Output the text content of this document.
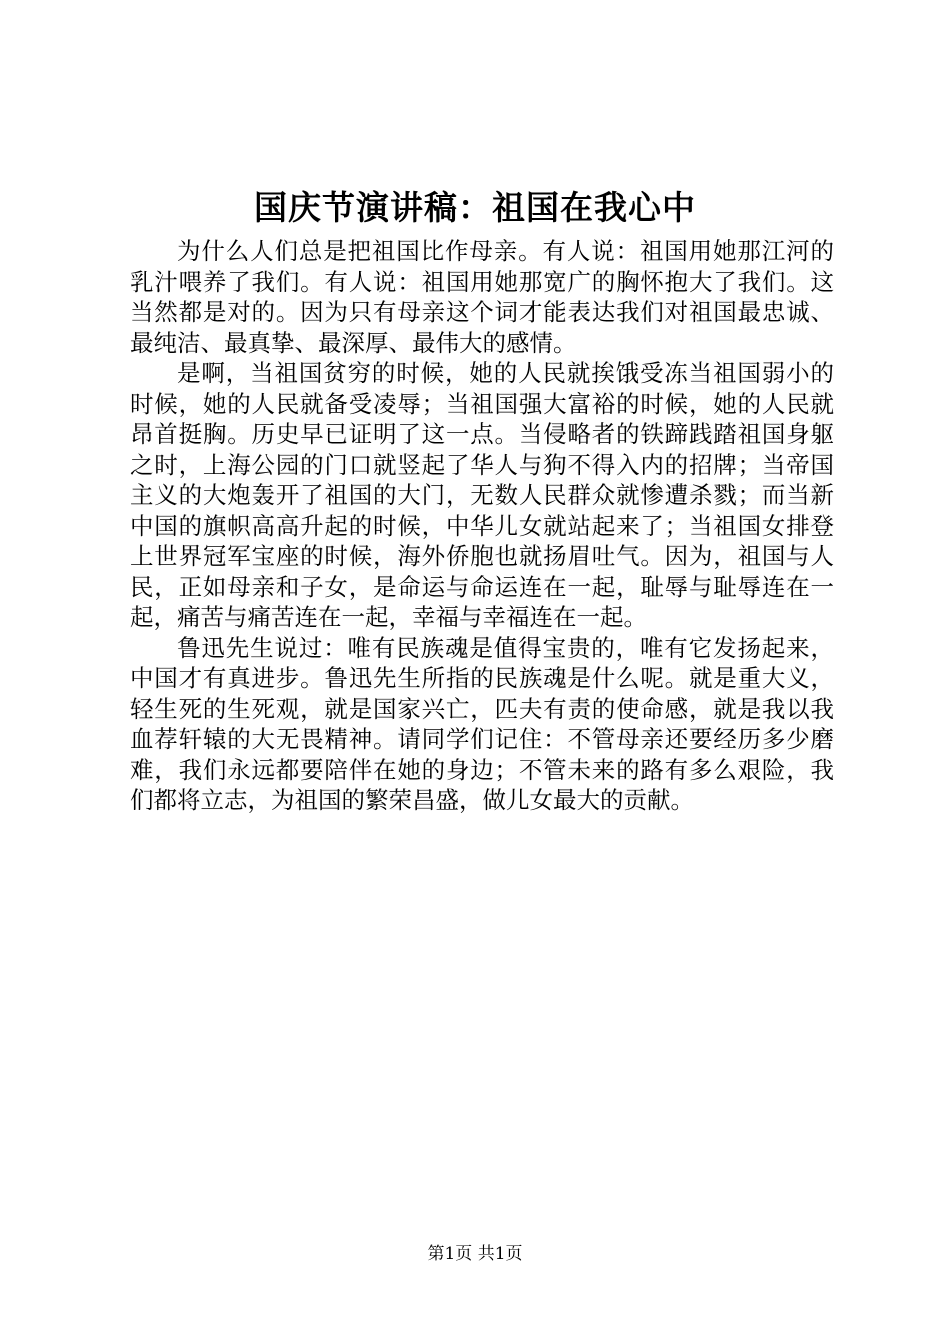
国庆节演讲稿：祖国在我心中

为什么人们总是把祖国比作母亲。有人说：祖国用她那江河的乳汁喂养了我们。有人说：祖国用她那宽广的胸怀抱大了我们。这当然都是对的。因为只有母亲这个词才能表达我们对祖国最忠诚、最纯洁、最真挚、最深厚、最伟大的感情。

是啊，当祖国贫穷的时候，她的人民就挨饿受冻当祖国弱小的时候，她的人民就备受凌辱；当祖国强大富裕的时候，她的人民就昂首挺胸。历史早已证明了这一点。当侵略者的铁蹄践踏祖国身躯之时，上海公园的门口就竖起了华人与狗不得入内的招牌；当帝国主义的大炮轰开了祖国的大门，无数人民群众就惨遭杀戮；而当新中国的旗帜高高升起的时候，中华儿女就站起来了；当祖国女排登上世界冠军宝座的时候，海外侨胞也就扬眉吐气。因为，祖国与人民，正如母亲和子女，是命运与命运连在一起，耻辱与耻辱连在一起，痛苦与痛苦连在一起，幸福与幸福连在一起。

鲁迅先生说过：唯有民族魂是值得宝贵的，唯有它发扬起来，中国才有真进步。鲁迅先生所指的民族魂是什么呢。就是重大义，轻生死的生死观，就是国家兴亡，匹夫有责的使命感，就是我以我血荐轩辕的大无畏精神。请同学们记住：不管母亲还要经历多少磨难，我们永远都要陪伴在她的身边；不管未来的路有多么艰险，我们都将立志，为祖国的繁荣昌盛，做儿女最大的贡献。

第1页 共1页
